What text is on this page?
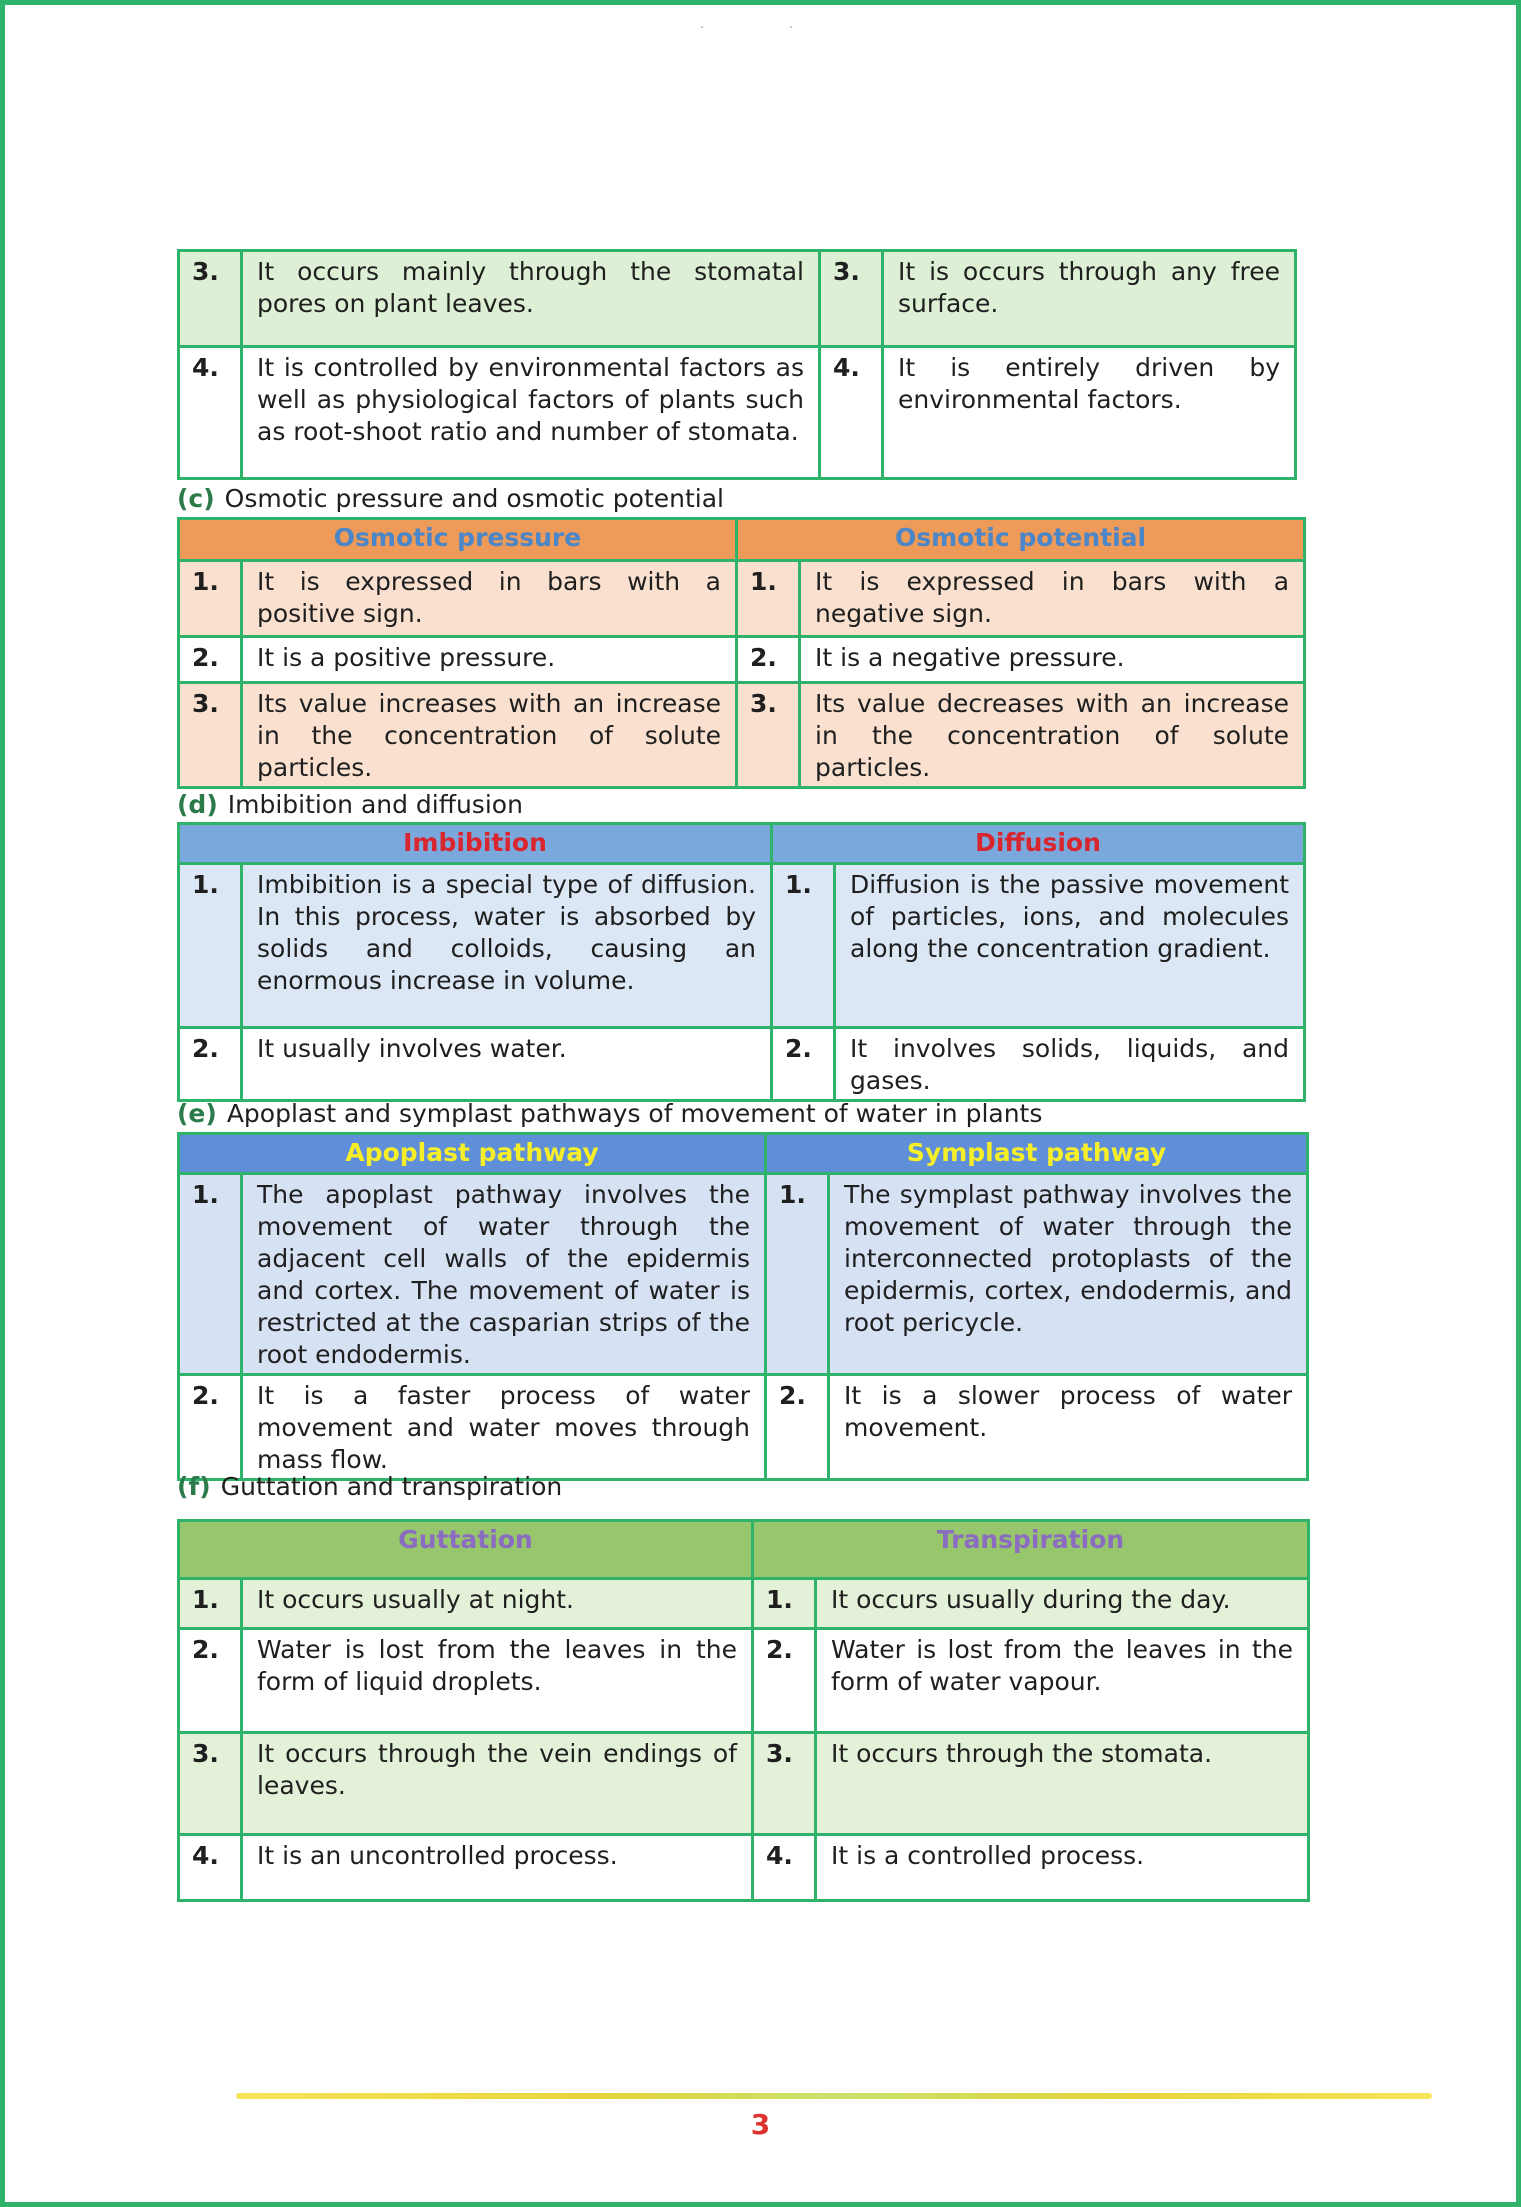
· ·
3.	It occurs mainly through the stomatal pores on plant leaves.	3.	It is occurs through any free surface.
4.	It is controlled by environmental factors as well as physiological factors of plants such as root-shoot ratio and number of stomata.	4.	It is entirely driven by environmental factors.
(c) Osmotic pressure and osmotic potential
Osmotic pressure		Osmotic potential	
1.	It is expressed in bars with a positive sign.	1.	It is expressed in bars with a negative sign.
2.	It is a positive pressure.	2.	It is a negative pressure.
3.	Its value increases with an increase in the concentration of solute particles.	3.	Its value decreases with an increase in the concentration of solute particles.
(d) Imbibition and diffusion
Imbibition		Diffusion	
1.	Imbibition is a special type of diffusion. In this process, water is absorbed by solids and colloids, causing an enormous increase in volume.	1.	Diffusion is the passive movement of particles, ions, and molecules along the concentration gradient.
2.	It usually involves water.	2.	It involves solids, liquids, and gases.
(e) Apoplast and symplast pathways of movement of water in plants
Apoplast pathway		Symplast pathway	
1.	The apoplast pathway involves the movement of water through the adjacent cell walls of the epidermis and cortex. The movement of water is restricted at the casparian strips of the root endodermis.	1.	The symplast pathway involves the movement of water through the interconnected protoplasts of the epidermis, cortex, endodermis, and root pericycle.
2.	It is a faster process of water movement and water moves through mass flow.	2.	It is a slower process of water movement.
(f) Guttation and transpiration
Guttation		Transpiration	
1.	It occurs usually at night.	1.	It occurs usually during the day.
2.	Water is lost from the leaves in the form of liquid droplets.	2.	Water is lost from the leaves in the form of water vapour.
3.	It occurs through the vein endings of leaves.	3.	It occurs through the stomata.
4.	It is an uncontrolled process.	4.	It is a controlled process.
3
